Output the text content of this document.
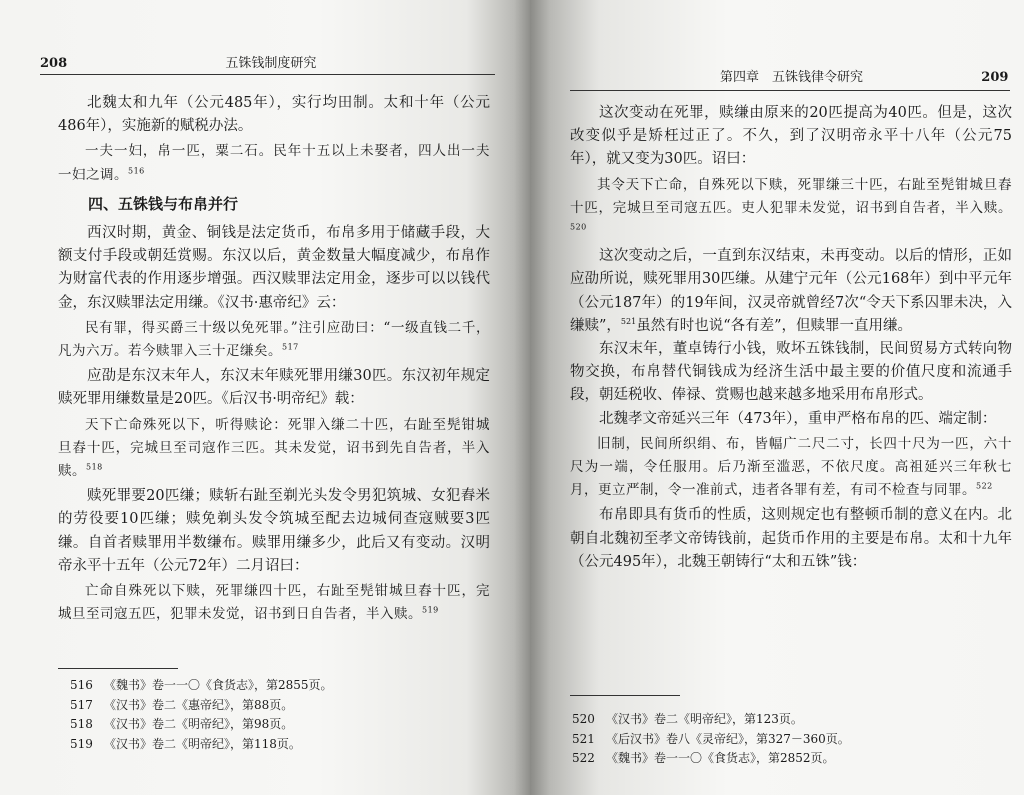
208	五铢钱制度研究

北魏太和九年（公元485年），实行均田制。太和十年（公元486年），实施新的赋税办法。

一夫一妇，帛一匹，粟二石。民年十五以上未娶者，四人出一夫一妇之调。$^{516}$

四、五铢钱与布帛并行

西汉时期，黄金、铜钱是法定货币，布帛多用于储藏手段，大额支付手段或朝廷赏赐。东汉以后，黄金数量大幅度减少，布帛作为财富代表的作用逐步增强。西汉赎罪法定用金，逐步可以以钱代金，东汉赎罪法定用缣。《汉书·惠帝纪》云：

民有罪，得买爵三十级以免死罪。”注引应劭曰：“一级直钱二千，凡为六万。若今赎罪入三十疋缣矣。$^{517}$

应劭是东汉末年人，东汉末年赎死罪用缣30匹。东汉初年规定赎死罪用缣数量是20匹。《后汉书·明帝纪》载：

天下亡命殊死以下，听得赎论：死罪入缣二十匹，右趾至髡钳城旦舂十匹，完城旦至司寇作三匹。其未发觉，诏书到先自告者，半入赎。$^{518}$

赎死罪要20匹缣；赎斩右趾至剃光头发令男犯筑城、女犯舂米的劳役要10匹缣；赎免剃头发令筑城至配去边城伺查寇贼要3匹缣。自首者赎罪用半数缣布。赎罪用缣多少，此后又有变动。汉明帝永平十五年（公元72年）二月诏曰：

亡命自殊死以下赎，死罪缣四十匹，右趾至髡钳城旦舂十匹，完城旦至司寇五匹，犯罪未发觉，诏书到日自告者，半入赎。$^{519}$

516 《魏书》卷一一〇《食货志》，第2855页。
517 《汉书》卷二《惠帝纪》，第88页。
518 《汉书》卷二《明帝纪》，第98页。
519 《汉书》卷二《明帝纪》，第118页。
第四章　五铢钱律令研究	209

这次变动在死罪，赎缣由原来的20匹提高为40匹。但是，这次改变似乎是矫枉过正了。不久，到了汉明帝永平十八年（公元75年），就又变为30匹。诏曰：

其令天下亡命，自殊死以下赎，死罪缣三十匹，右趾至髡钳城旦舂十匹，完城旦至司寇五匹。吏人犯罪未发觉，诏书到自告者，半入赎。$^{520}$

这次变动之后，一直到东汉结束，未再变动。以后的情形，正如应劭所说，赎死罪用30匹缣。从建宁元年（公元168年）到中平元年（公元187年）的19年间，汉灵帝就曾经7次“令天下系囚罪未决，入缣赎”，$^{521}$虽然有时也说“各有差”，但赎罪一直用缣。

东汉末年，董卓铸行小钱，败坏五铢钱制，民间贸易方式转向物物交换，布帛替代铜钱成为经济生活中最主要的价值尺度和流通手段，朝廷税收、俸禄、赏赐也越来越多地采用布帛形式。

北魏孝文帝延兴三年（473年），重申严格布帛的匹、端定制：

旧制，民间所织绢、布，皆幅广二尺二寸，长四十尺为一匹，六十尺为一端，令任服用。后乃渐至滥恶，不依尺度。高祖延兴三年秋七月，更立严制，令一准前式，违者各罪有差，有司不检查与同罪。$^{522}$

布帛即具有货币的性质，这则规定也有整顿币制的意义在内。北朝自北魏初至孝文帝铸钱前，起货币作用的主要是布帛。太和十九年（公元495年），北魏王朝铸行“太和五铢”钱：

520 《汉书》卷二《明帝纪》，第123页。
521 《后汉书》卷八《灵帝纪》，第327－360页。
522 《魏书》卷一一〇《食货志》，第2852页。
